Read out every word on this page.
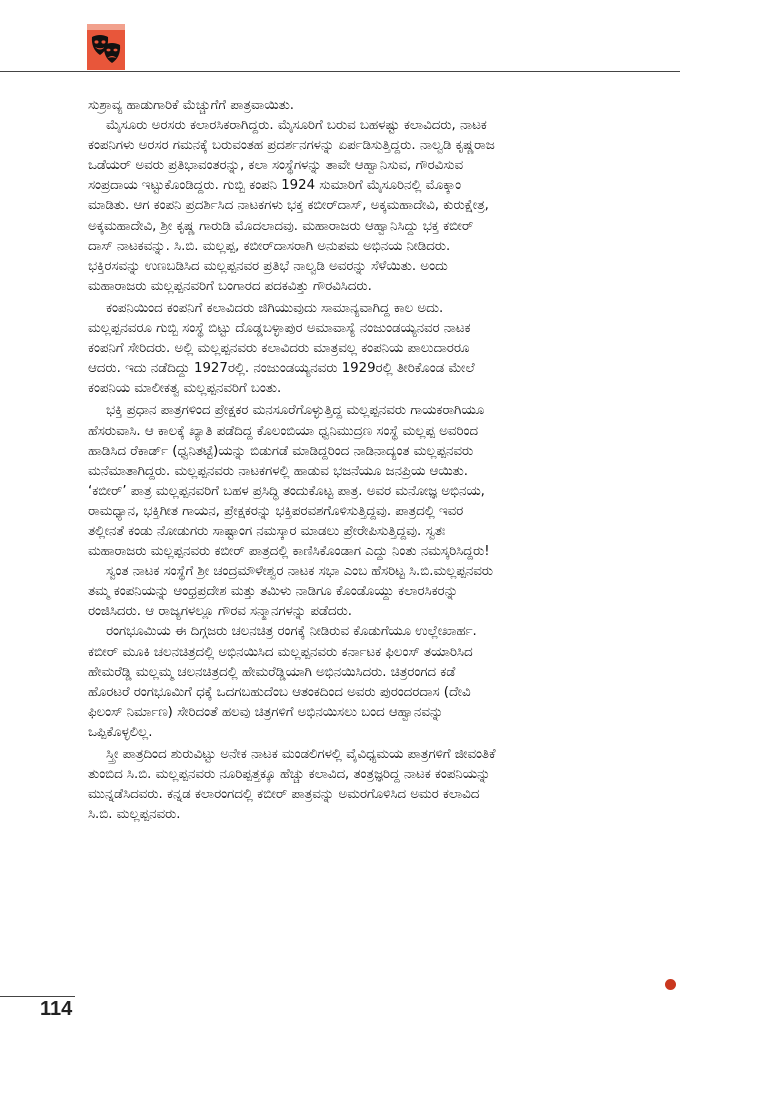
ಸುಶ್ರಾವ್ಯ ಹಾಡುಗಾರಿಕೆ ಮೆಚ್ಚುಗೆಗೆ ಪಾತ್ರವಾಯಿತು.
ಮೈಸೂರು ಅರಸರು ಕಲಾರಸಿಕರಾಗಿದ್ದರು. ಮೈಸೂರಿಗೆ ಬರುವ ಬಹಳಷ್ಟು ಕಲಾವಿದರು, ನಾಟಕ
ಕಂಪನಿಗಳು ಅರಸರ ಗಮನಕ್ಕೆ ಬರುವಂತಹ ಪ್ರದರ್ಶನಗಳನ್ನು ಏರ್ಪಡಿಸುತ್ತಿದ್ದರು. ನಾಲ್ವಡಿ ಕೃಷ್ಣರಾಜ
ಒಡೆಯರ್ ಅವರು ಪ್ರತಿಭಾವಂತರನ್ನು, ಕಲಾ ಸಂಸ್ಥೆಗಳನ್ನು ತಾವೇ ಆಹ್ವಾನಿಸುವ, ಗೌರವಿಸುವ
ಸಂಪ್ರದಾಯ ಇಟ್ಟುಕೊಂಡಿದ್ದರು. ಗುಬ್ಬಿ ಕಂಪನಿ 1924 ಸುಮಾರಿಗೆ ಮೈಸೂರಿನಲ್ಲಿ ಮೊಕ್ಕಾಂ
ಮಾಡಿತು. ಆಗ ಕಂಪನಿ ಪ್ರದರ್ಶಿಸಿದ ನಾಟಕಗಳು ಭಕ್ತ ಕಬೀರ್‌ದಾಸ್, ಅಕ್ಕಮಹಾದೇವಿ, ಕುರುಕ್ಷೇತ್ರ,
ಅಕ್ಕಮಹಾದೇವಿ, ಶ್ರೀ ಕೃಷ್ಣ ಗಾರುಡಿ ಮೊದಲಾದವು. ಮಹಾರಾಜರು ಆಹ್ವಾನಿಸಿದ್ದು ಭಕ್ತ ಕಬೀರ್
ದಾಸ್ ನಾಟಕವನ್ನು. ಸಿ.ಬಿ. ಮಲ್ಲಪ್ಪ, ಕಬೀರ್‌ದಾಸರಾಗಿ ಅನುಪಮ ಅಭಿನಯ ನೀಡಿದರು.
ಭಕ್ತಿರಸವನ್ನು ಉಣಬಡಿಸಿದ ಮಲ್ಲಪ್ಪನವರ ಪ್ರತಿಭೆ ನಾಲ್ವಡಿ ಅವರನ್ನು ಸೆಳೆಯಿತು. ಅಂದು
ಮಹಾರಾಜರು ಮಲ್ಲಪ್ಪನವರಿಗೆ ಬಂಗಾರದ ಪದಕವಿತ್ತು ಗೌರವಿಸಿದರು.
ಕಂಪನಿಯಿಂದ ಕಂಪನಿಗೆ ಕಲಾವಿದರು ಜಿಗಿಯುವುದು ಸಾಮಾನ್ಯವಾಗಿದ್ದ ಕಾಲ ಅದು.
ಮಲ್ಲಪ್ಪನವರೂ ಗುಬ್ಬಿ ಸಂಸ್ಥೆ ಬಿಟ್ಟು ದೊಡ್ಡಬಳ್ಳಾಪುರ ಅಮಾವಾಸ್ಯೆ ನಂಜುಂಡಯ್ಯನವರ ನಾಟಕ
ಕಂಪನಿಗೆ ಸೇರಿದರು. ಅಲ್ಲಿ ಮಲ್ಲಪ್ಪನವರು ಕಲಾವಿದರು ಮಾತ್ರವಲ್ಲ ಕಂಪನಿಯ ಪಾಲುದಾರರೂ
ಆದರು. ಇದು ನಡೆದಿದ್ದು 1927ರಲ್ಲಿ. ನಂಜುಂಡಯ್ಯನವರು 1929ರಲ್ಲಿ ತೀರಿಕೊಂಡ ಮೇಲೆ
ಕಂಪನಿಯ ಮಾಲೀಕತ್ವ ಮಲ್ಲಪ್ಪನವರಿಗೆ ಬಂತು.
ಭಕ್ತಿ ಪ್ರಧಾನ ಪಾತ್ರಗಳಿಂದ ಪ್ರೇಕ್ಷಕರ ಮನಸೂರೆಗೊಳ್ಳುತ್ತಿದ್ದ ಮಲ್ಲಪ್ಪನವರು ಗಾಯಕರಾಗಿಯೂ
ಹೆಸರುವಾಸಿ. ಆ ಕಾಲಕ್ಕೆ ಖ್ಯಾತಿ ಪಡೆದಿದ್ದ ಕೊಲಂಬಿಯಾ ಧ್ವನಿಮುದ್ರಣ ಸಂಸ್ಥೆ ಮಲ್ಲಪ್ಪ ಅವರಿಂದ
ಹಾಡಿಸಿದ ರೆಕಾರ್ಡ್ (ಧ್ವನಿತಟ್ಟೆ)ಯನ್ನು ಬಿಡುಗಡೆ ಮಾಡಿದ್ದರಿಂದ ನಾಡಿನಾದ್ಯಂತ ಮಲ್ಲಪ್ಪನವರು
ಮನೆಮಾತಾಗಿದ್ದರು. ಮಲ್ಲಪ್ಪನವರು ನಾಟಕಗಳಲ್ಲಿ ಹಾಡುವ ಭಜನೆಯೂ ಜನಪ್ರಿಯ ಆಯಿತು.
‘ಕಬೀರ್’ ಪಾತ್ರ ಮಲ್ಲಪ್ಪನವರಿಗೆ ಬಹಳ ಪ್ರಸಿದ್ಧಿ ತಂದುಕೊಟ್ಟ ಪಾತ್ರ. ಅವರ ಮನೋಜ್ಞ ಅಭಿನಯ,
ರಾಮಧ್ಯಾನ, ಭಕ್ತಿಗೀತ ಗಾಯನ, ಪ್ರೇಕ್ಷಕರನ್ನು ಭಕ್ತಿಪರವಶಗೊಳಿಸುತ್ತಿದ್ದವು. ಪಾತ್ರದಲ್ಲಿ ಇವರ
ತಲ್ಲೀನತೆ ಕಂಡು ನೋಡುಗರು ಸಾಷ್ಟಾಂಗ ನಮಸ್ಕಾರ ಮಾಡಲು ಪ್ರೇರೇಪಿಸುತ್ತಿದ್ದವು. ಸ್ವತಃ
ಮಹಾರಾಜರು ಮಲ್ಲಪ್ಪನವರು ಕಬೀರ್ ಪಾತ್ರದಲ್ಲಿ ಕಾಣಿಸಿಕೊಂಡಾಗ ಎದ್ದು ನಿಂತು ನಮಸ್ಕರಿಸಿದ್ದರು!
ಸ್ವಂತ ನಾಟಕ ಸಂಸ್ಥೆಗೆ ಶ್ರೀ ಚಂದ್ರಮೌಳೇಶ್ವರ ನಾಟಕ ಸಭಾ ಎಂಬ ಹೆಸರಿಟ್ಟ ಸಿ.ಬಿ.ಮಲ್ಲಪ್ಪನವರು
ತಮ್ಮ ಕಂಪನಿಯನ್ನು ಆಂಧ್ರಪ್ರದೇಶ ಮತ್ತು ತಮಿಳು ನಾಡಿಗೂ ಕೊಂಡೊಯ್ದು ಕಲಾರಸಿಕರನ್ನು
ರಂಜಿಸಿದರು. ಆ ರಾಜ್ಯಗಳಲ್ಲೂ ಗೌರವ ಸನ್ಮಾನಗಳನ್ನು ಪಡೆದರು.
ರಂಗಭೂಮಿಯ ಈ ದಿಗ್ಗಜರು ಚಲನಚಿತ್ರ ರಂಗಕ್ಕೆ ನೀಡಿರುವ ಕೊಡುಗೆಯೂ ಉಲ್ಲೇಖಾರ್ಹ.
ಕಬೀರ್ ಮೂಕಿ ಚಲನಚಿತ್ರದಲ್ಲಿ ಅಭಿನಯಿಸಿದ ಮಲ್ಲಪ್ಪನವರು ಕರ್ನಾಟಕ ಫಿಲಂಸ್ ತಯಾರಿಸಿದ
ಹೇಮರೆಡ್ಡಿ ಮಲ್ಲಮ್ಮ ಚಲನಚಿತ್ರದಲ್ಲಿ ಹೇಮರೆಡ್ಡಿಯಾಗಿ ಅಭಿನಯಿಸಿದರು. ಚಿತ್ರರಂಗದ ಕಡೆ
ಹೊರಟರೆ ರಂಗಭೂಮಿಗೆ ಧಕ್ಕೆ ಒದಗಬಹುದೆಂಬ ಆತಂಕದಿಂದ ಅವರು ಪುರಂದರದಾಸ (ದೇವಿ
ಫಿಲಂಸ್ ನಿರ್ಮಾಣ) ಸೇರಿದಂತೆ ಹಲವು ಚಿತ್ರಗಳಿಗೆ ಅಭಿನಯಿಸಲು ಬಂದ ಆಹ್ವಾನವನ್ನು
ಒಪ್ಪಿಕೊಳ್ಳಲಿಲ್ಲ.
ಸ್ತ್ರೀ ಪಾತ್ರದಿಂದ ಶುರುವಿಟ್ಟು ಅನೇಕ ನಾಟಕ ಮಂಡಲಿಗಳಲ್ಲಿ ವೈವಿಧ್ಯಮಯ ಪಾತ್ರಗಳಿಗೆ ಜೀವಂತಿಕೆ
ತುಂಬಿದ ಸಿ.ಬಿ. ಮಲ್ಲಪ್ಪನವರು ನೂರಿಪ್ಪತ್ತಕ್ಕೂ ಹೆಚ್ಚು ಕಲಾವಿದ, ತಂತ್ರಜ್ಞರಿದ್ದ ನಾಟಕ ಕಂಪನಿಯನ್ನು
ಮುನ್ನಡೆಸಿದವರು. ಕನ್ನಡ ಕಲಾರಂಗದಲ್ಲಿ ಕಬೀರ್ ಪಾತ್ರವನ್ನು ಅಮರಗೊಳಿಸಿದ ಅಮರ ಕಲಾವಿದ
ಸಿ.ಬಿ. ಮಲ್ಲಪ್ಪನವರು.
114
